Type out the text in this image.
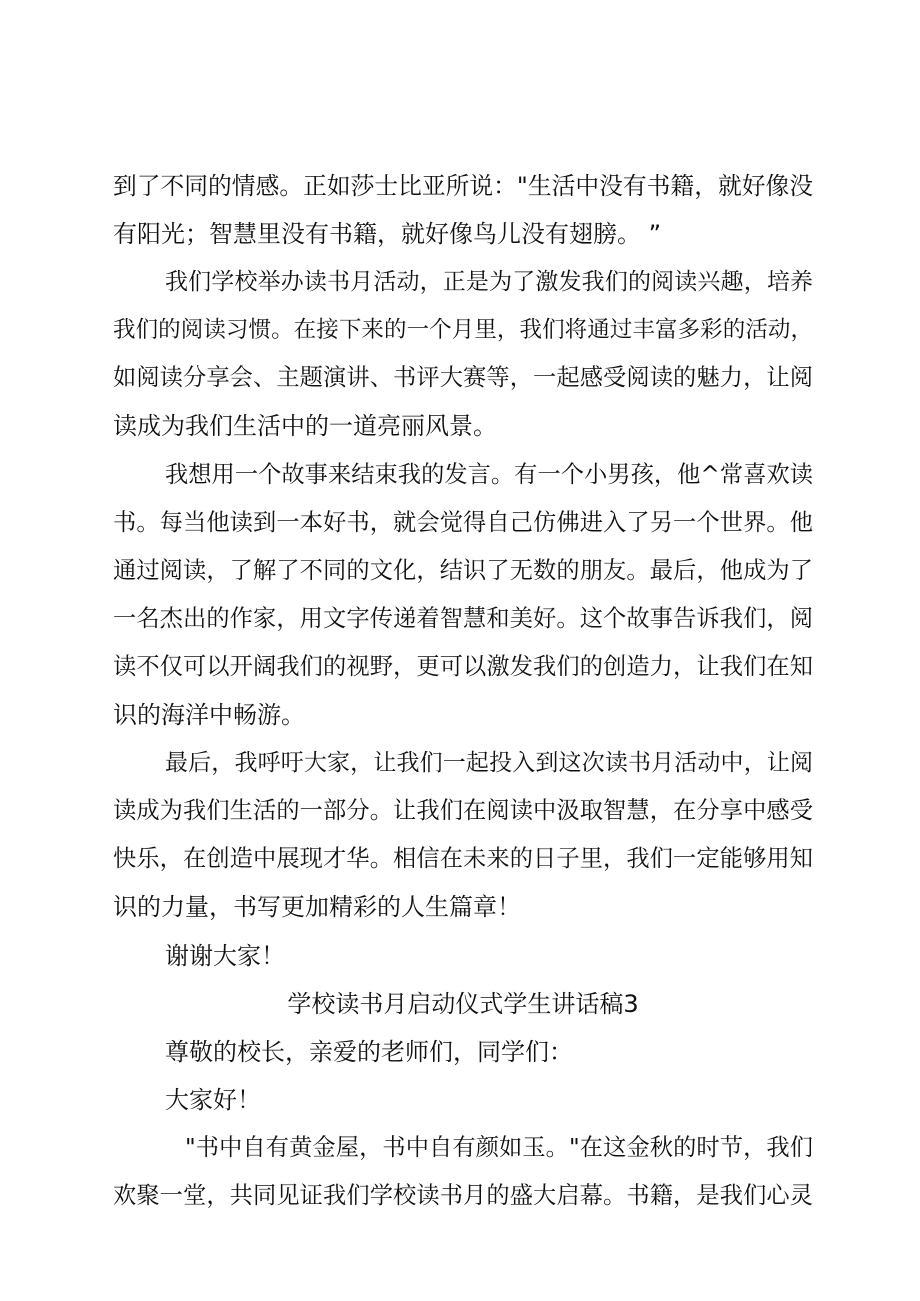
到了不同的情感。正如莎士比亚所说："生活中没有书籍，就好像没

有阳光；智慧里没有书籍，就好像鸟儿没有翅膀。 ”

我们学校举办读书月活动，正是为了激发我们的阅读兴趣，培养

我们的阅读习惯。在接下来的一个月里，我们将通过丰富多彩的活动，

如阅读分享会、主题演讲、书评大赛等，一起感受阅读的魅力，让阅

读成为我们生活中的一道亮丽风景。

我想用一个故事来结束我的发言。有一个小男孩，他^常喜欢读

书。每当他读到一本好书，就会觉得自己仿佛进入了另一个世界。他

通过阅读，了解了不同的文化，结识了无数的朋友。最后，他成为了

一名杰出的作家，用文字传递着智慧和美好。这个故事告诉我们，阅

读不仅可以开阔我们的视野，更可以激发我们的创造力，让我们在知

识的海洋中畅游。

最后，我呼吁大家，让我们一起投入到这次读书月活动中，让阅

读成为我们生活的一部分。让我们在阅读中汲取智慧，在分享中感受

快乐，在创造中展现才华。相信在未来的日子里，我们一定能够用知

识的力量，书写更加精彩的人生篇章！

谢谢大家！

学校读书月启动仪式学生讲话稿3

尊敬的校长，亲爱的老师们，同学们：

大家好！

"书中自有黄金屋，书中自有颜如玉。"在这金秋的时节，我们

欢聚一堂，共同见证我们学校读书月的盛大启幕。书籍，是我们心灵
